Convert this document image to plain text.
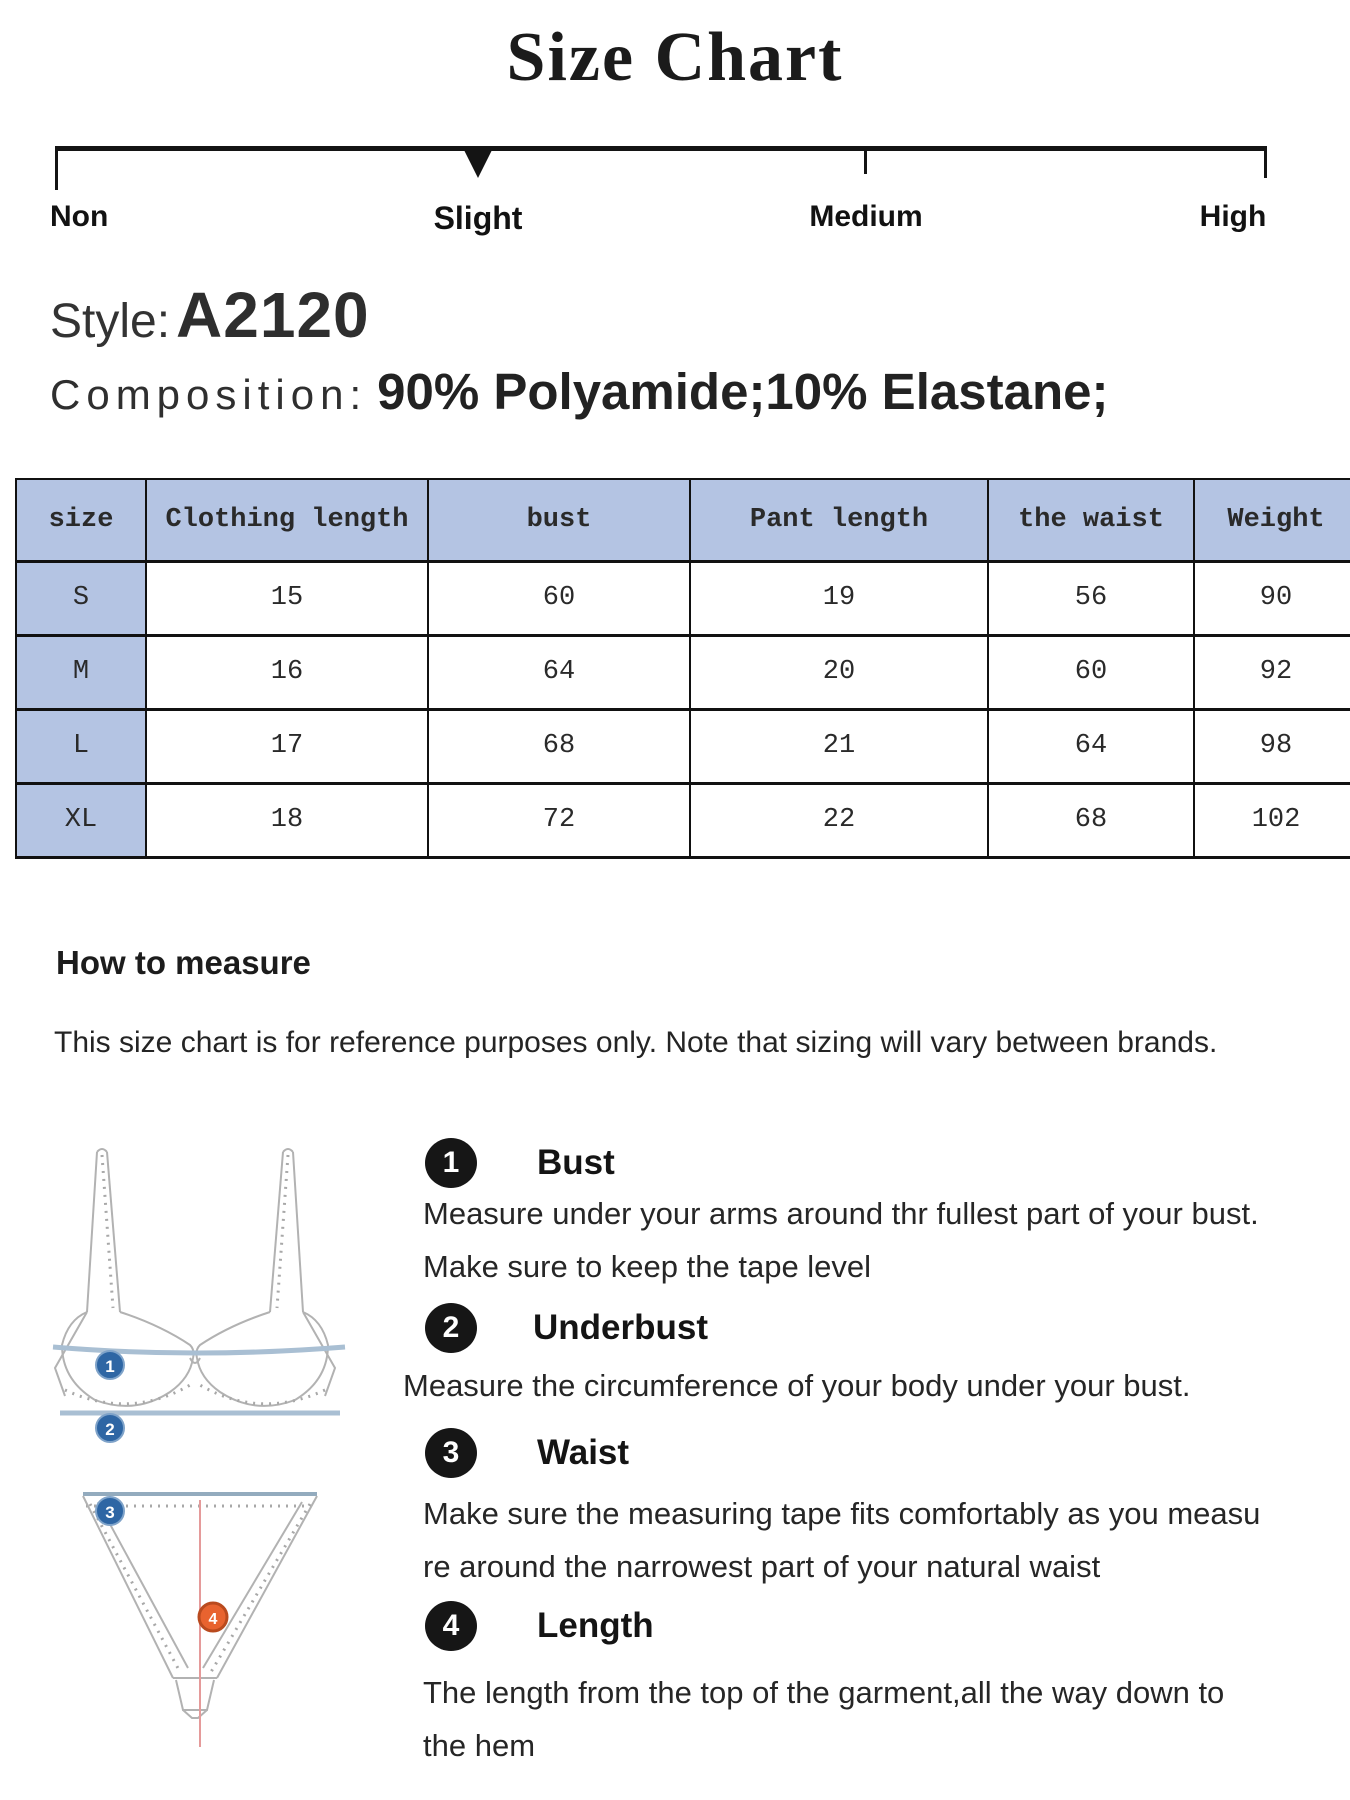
Size Chart
Non	Slight	Medium	High
Style: A2120
Composition: 90% Polyamide;10% Elastane;
size	Clothing length	bust	Pant length	the waist	Weight
S	15	60	19	56	90
M	16	64	20	60	92
L	17	68	21	64	98
XL	18	72	22	68	102
How to measure
This size chart is for reference purposes only. Note that sizing will vary between brands.
1
2
3
4
1	Bust
Measure under your arms around thr fullest part of your bust.
Make sure to keep the tape level
2	Underbust
Measure the circumference of your body under your bust.
3	Waist
Make sure the measuring tape fits comfortably as you measu
re around the narrowest part of your natural waist
4	Length
The length from the top of the garment,all the way down to
the hem
